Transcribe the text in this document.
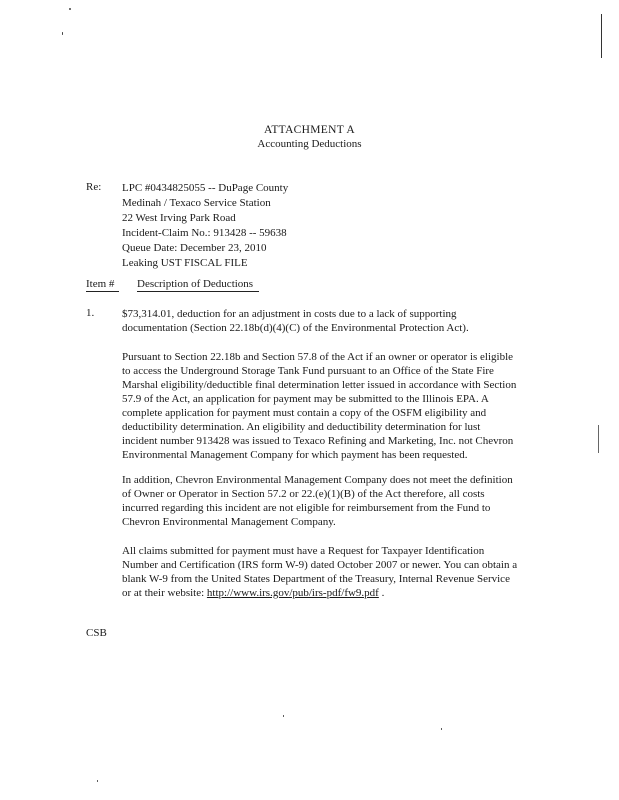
ATTACHMENT A
Accounting Deductions
Re: LPC #0434825055 -- DuPage County
Medinah / Texaco Service Station
22 West Irving Park Road
Incident-Claim No.: 913428 -- 59638
Queue Date: December 23, 2010
Leaking UST FISCAL FILE
Item # Description of Deductions
1.	$73,314.01, deduction for an adjustment in costs due to a lack of supporting
documentation (Section 22.18b(d)(4)(C) of the Environmental Protection Act).
Pursuant to Section 22.18b and Section 57.8 of the Act if an owner or operator is eligible
to access the Underground Storage Tank Fund pursuant to an Office of the State Fire
Marshal eligibility/deductible final determination letter issued in accordance with Section
57.9 of the Act, an application for payment may be submitted to the Illinois EPA. A
complete application for payment must contain a copy of the OSFM eligibility and
deductibility determination. An eligibility and deductibility determination for lust
incident number 913428 was issued to Texaco Refining and Marketing, Inc. not Chevron
Environmental Management Company for which payment has been requested.
In addition, Chevron Environmental Management Company does not meet the definition
of Owner or Operator in Section 57.2 or 22.(e)(1)(B) of the Act therefore, all costs
incurred regarding this incident are not eligible for reimbursement from the Fund to
Chevron Environmental Management Company.
All claims submitted for payment must have a Request for Taxpayer Identification
Number and Certification (IRS form W-9) dated October 2007 or newer. You can obtain a
blank W-9 from the United States Department of the Treasury, Internal Revenue Service
or at their website: http://www.irs.gov/pub/irs-pdf/fw9.pdf .
CSB
